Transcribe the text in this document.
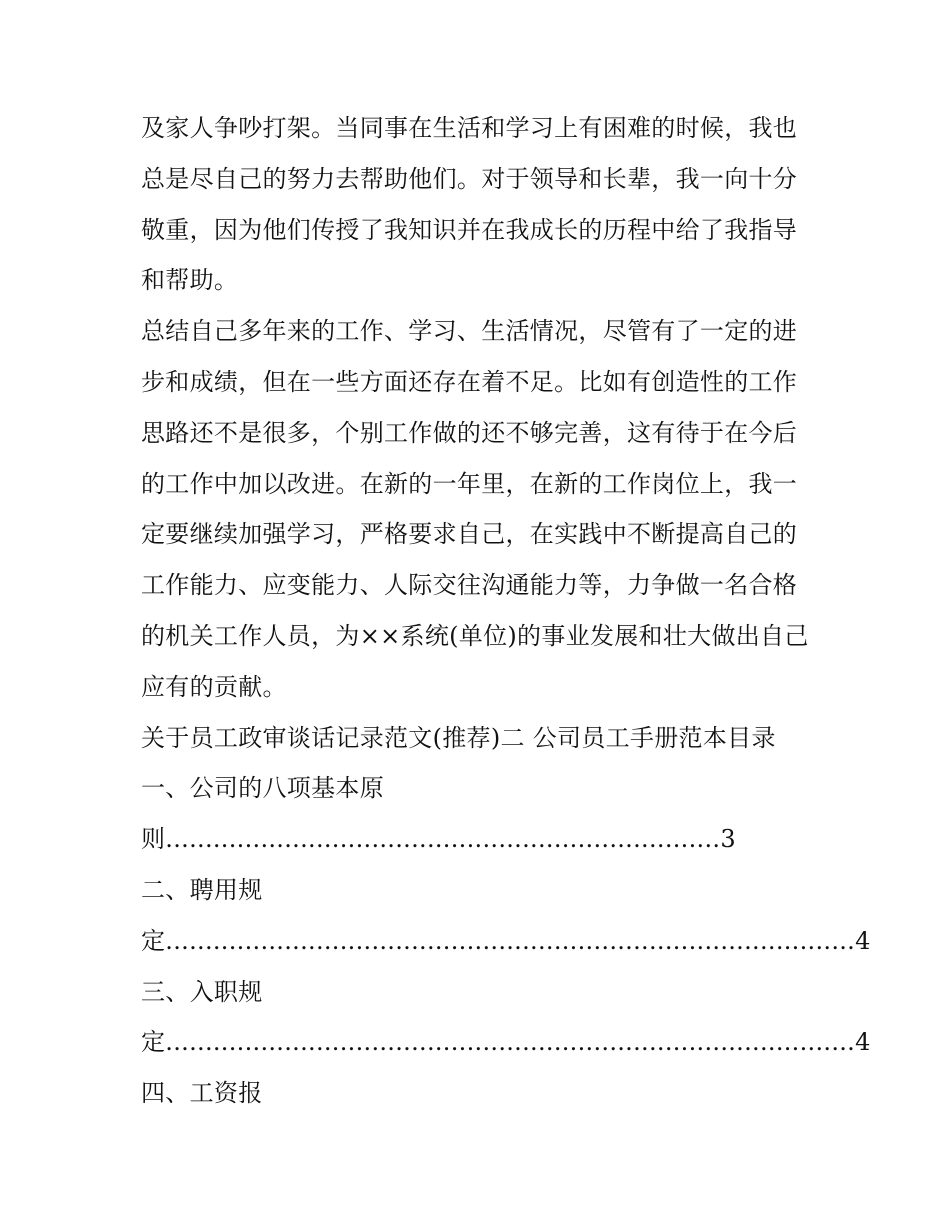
及家人争吵打架。当同事在生活和学习上有困难的时候，我也
总是尽自己的努力去帮助他们。对于领导和长辈，我一向十分
敬重，因为他们传授了我知识并在我成长的历程中给了我指导
和帮助。
总结自己多年来的工作、学习、生活情况，尽管有了一定的进
步和成绩，但在一些方面还存在着不足。比如有创造性的工作
思路还不是很多，个别工作做的还不够完善，这有待于在今后
的工作中加以改进。在新的一年里，在新的工作岗位上，我一
定要继续加强学习，严格要求自己，在实践中不断提高自己的
工作能力、应变能力、人际交往沟通能力等，力争做一名合格
的机关工作人员，为××系统(单位)的事业发展和壮大做出自己
应有的贡献。
关于员工政审谈话记录范文(推荐)二 公司员工手册范本目录
一、公司的八项基本原
则......................................................................3
二、聘用规
定.......................................................................................4
三、入职规
定.......................................................................................4
四、工资报
